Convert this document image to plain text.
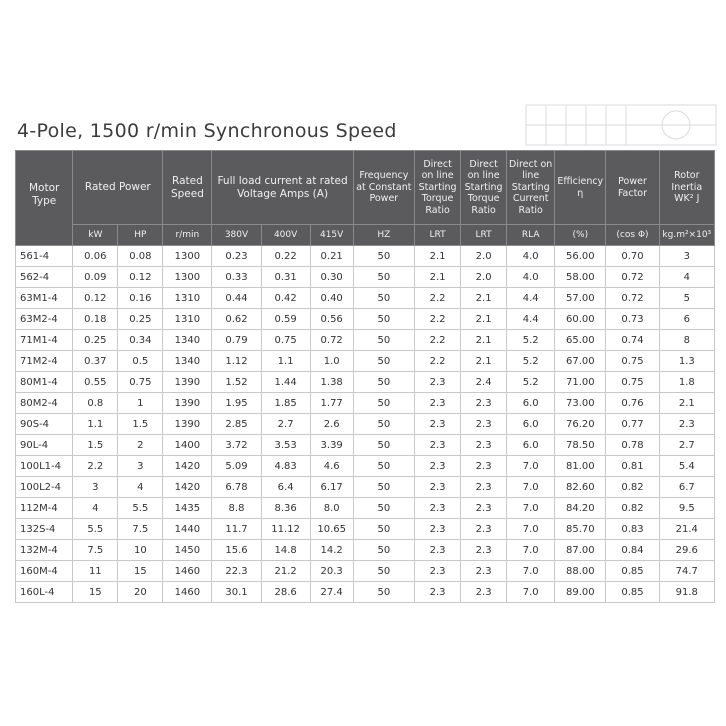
4-Pole, 1500 r/min Synchronous Speed
Motor Type	Rated Power		Rated Speed	Full load current at rated Voltage Amps (A)			Frequency at Constant Power	Direct on line Starting Torque Ratio	Direct on line Starting Torque Ratio	Direct on line Starting Current Ratio	Efficiency η	Power Factor	Rotor Inertia WK² J
	kW	HP	r/min	380V	400V	415V	HZ	LRT	LRT	RLA	(%)	(cos Φ)	kg.m²×10³
561-4	0.06	0.08	1300	0.23	0.22	0.21	50	2.1	2.0	4.0	56.00	0.70	3
562-4	0.09	0.12	1300	0.33	0.31	0.30	50	2.1	2.0	4.0	58.00	0.72	4
63M1-4	0.12	0.16	1310	0.44	0.42	0.40	50	2.2	2.1	4.4	57.00	0.72	5
63M2-4	0.18	0.25	1310	0.62	0.59	0.56	50	2.2	2.1	4.4	60.00	0.73	6
71M1-4	0.25	0.34	1340	0.79	0.75	0.72	50	2.2	2.1	5.2	65.00	0.74	8
71M2-4	0.37	0.5	1340	1.12	1.1	1.0	50	2.2	2.1	5.2	67.00	0.75	1.3
80M1-4	0.55	0.75	1390	1.52	1.44	1.38	50	2.3	2.4	5.2	71.00	0.75	1.8
80M2-4	0.8	1	1390	1.95	1.85	1.77	50	2.3	2.3	6.0	73.00	0.76	2.1
90S-4	1.1	1.5	1390	2.85	2.7	2.6	50	2.3	2.3	6.0	76.20	0.77	2.3
90L-4	1.5	2	1400	3.72	3.53	3.39	50	2.3	2.3	6.0	78.50	0.78	2.7
100L1-4	2.2	3	1420	5.09	4.83	4.6	50	2.3	2.3	7.0	81.00	0.81	5.4
100L2-4	3	4	1420	6.78	6.4	6.17	50	2.3	2.3	7.0	82.60	0.82	6.7
112M-4	4	5.5	1435	8.8	8.36	8.0	50	2.3	2.3	7.0	84.20	0.82	9.5
132S-4	5.5	7.5	1440	11.7	11.12	10.65	50	2.3	2.3	7.0	85.70	0.83	21.4
132M-4	7.5	10	1450	15.6	14.8	14.2	50	2.3	2.3	7.0	87.00	0.84	29.6
160M-4	11	15	1460	22.3	21.2	20.3	50	2.3	2.3	7.0	88.00	0.85	74.7
160L-4	15	20	1460	30.1	28.6	27.4	50	2.3	2.3	7.0	89.00	0.85	91.8
